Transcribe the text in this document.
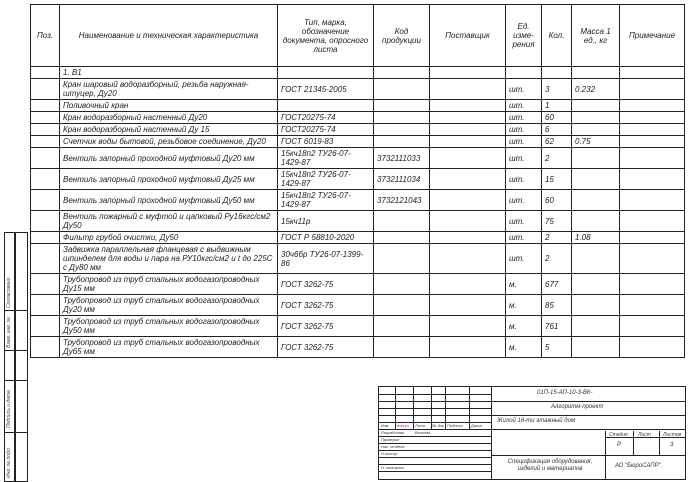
Поз.	Наименование и техническая характеристика	Тип, марка, обозначение документа, опросного листа	Код продукции	Поставщик	Ед. изме- рения	Кол.	Масса 1 ед., кг	Примечание
	1. В1							
	Кран шаровый водоразборный, резьба наружная-штуцер, Ду20	ГОСТ 21345-2005			шт.	3	0.232	
	Поливочный кран				шт.	1		
	Кран водоразборный настенный Ду20	ГОСТ20275-74			шт.	60		
	Кран водоразборный настенный Ду 15	ГОСТ20275-74			шт.	6		
	Счетчик воды бытовой, резьбовое соединение, Ду20	ГОСТ 6019-83			шт.	62	0.75	
	Вентиль запорный проходной муфтовый Ду20 мм	15кч18п2 ТУ26-07-1429-87	3732111033		шт.	2		
	Вентиль запорный проходной муфтовый Ду25 мм	15кч18п2 ТУ26-07-1429-87	3732111034		шт.	15		
	Вентиль запорный проходной муфтовый Ду50 мм	15кч18п2 ТУ26-07-1429-87	3732121043		шт.	60		
	Вентиль пожарный с муфтой и цапковый Ру16кгс/см2 Ду50	15кч11р			шт.	75		
	Фильтр грубой очистки, Ду50	ГОСТ Р 58810-2020			шт.	2	1.08	
	Задвижка параллельная фланцевая с выдвижным шпинделем для воды и пара на РУ10кгс/см2 и t до 225С с Ду80 мм	30ч6бр ТУ26-07-1399-86			шт.	2		
	Трубопровод из труб стальных водогазопроводных Ду15 мм	ГОСТ 3262-75			м.	677		
	Трубопровод из труб стальных водогазопроводных Ду20 мм	ГОСТ 3262-75			м.	85		
	Трубопровод из труб стальных водогазопроводных Ду50 мм	ГОСТ 3262-75			м.	761		
	Трубопровод из труб стальных водогазопроводных Ду65 мм	ГОСТ 3262-75			м.	5		
Согласовано
Взам. инв. №
Подпись и дата
Инв. № подл.
Изм. Кол.уч Лист № док Подпись Дата
Разработал	Волкова
Проверил
Нач. отдела
Н.контр.
Н. контроль
01П-15-АП-10-3-ВК-
Алгоритм-проект
Жилой 16-ти этажный дом
Стадия Лист Листов
Р	3
Спецификация оборудования, изделий и материалов	АО "БюроСАПР"
